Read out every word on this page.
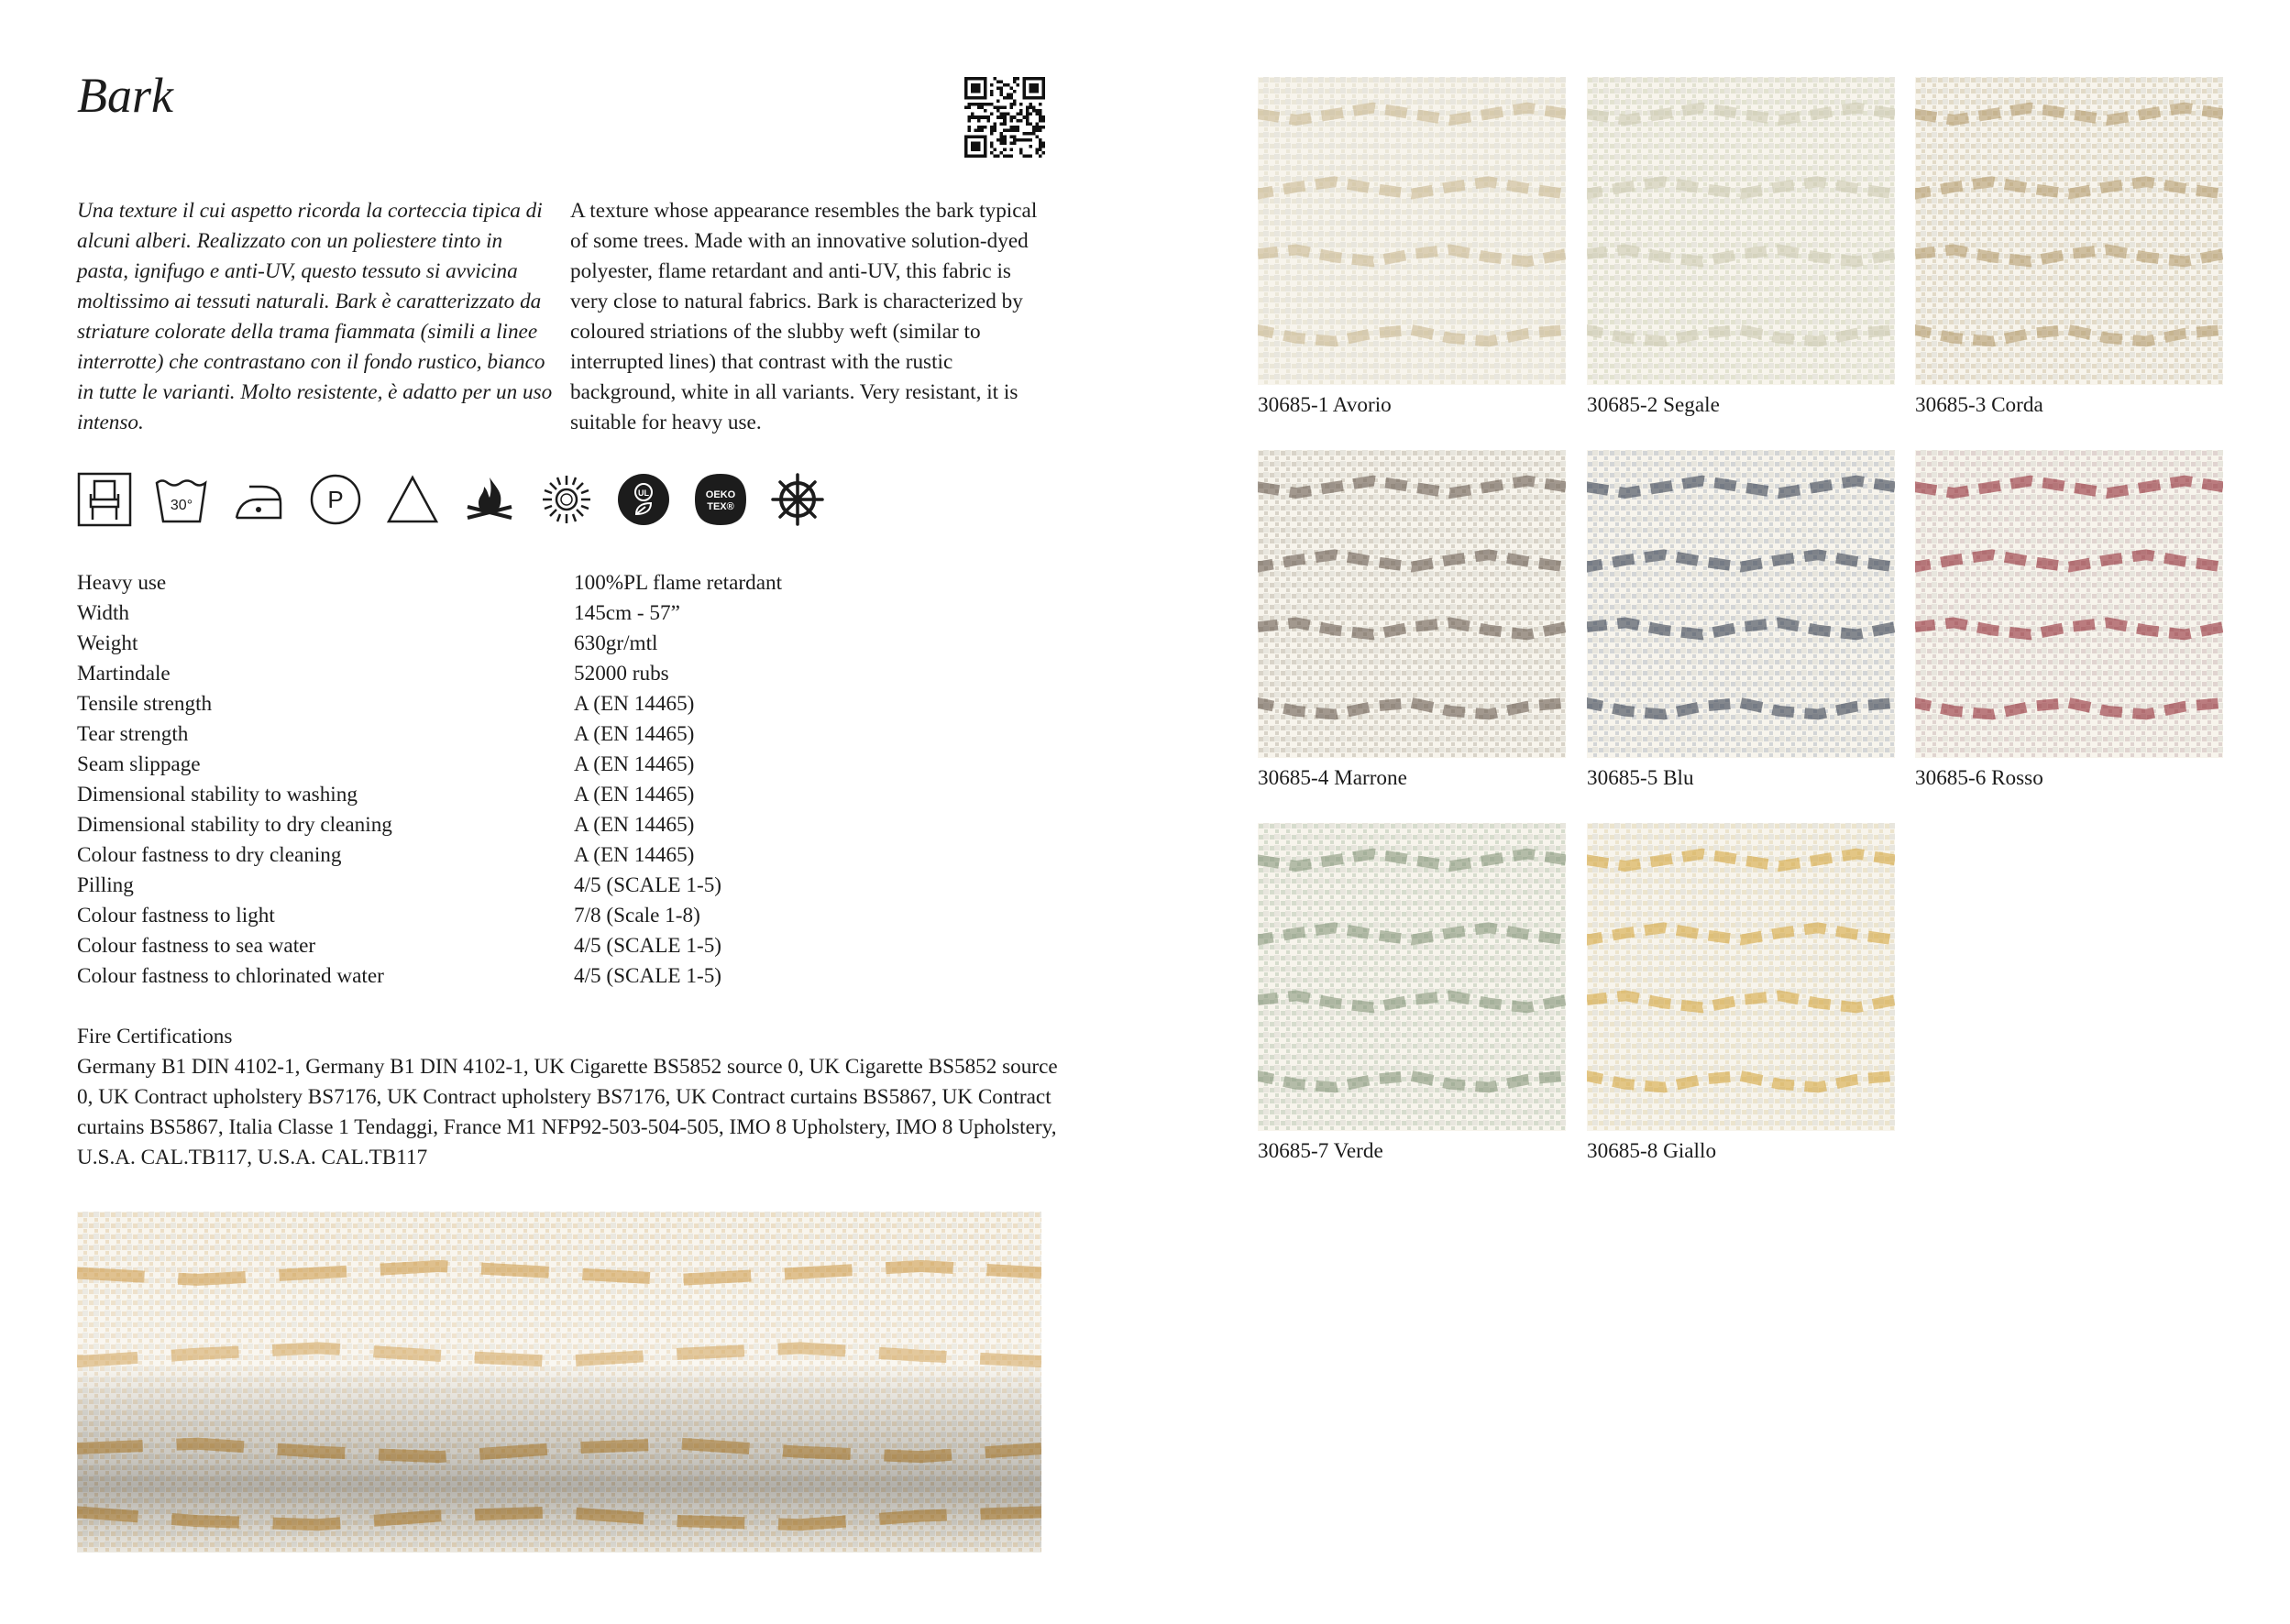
Bark

Una texture il cui aspetto ricorda la corteccia tipica di alcuni alberi. Realizzato con un poliestere tinto in pasta, ignifugo e anti-UV, questo tessuto si avvicina moltissimo ai tessuti naturali. Bark è caratterizzato da striature colorate della trama fiammata (simili a linee interrotte) che contrastano con il fondo rustico, bianco in tutte le varianti. Molto resistente, è adatto per un uso intenso.

A texture whose appearance resembles the bark typical of some trees. Made with an innovative solution-dyed polyester, flame retardant and anti-UV, this fabric is very close to natural fabrics. Bark is characterized by coloured striations of the slubby weft (similar to interrupted lines) that contrast with the rustic background, white in all variants. Very resistant, it is suitable for heavy use.

30°	P	UL	OEKO
TEX®
Heavy use	100%PL flame retardant
Width	145cm - 57”
Weight	630gr/mtl
Martindale	52000 rubs
Tensile strength	A (EN 14465)
Tear strength	A (EN 14465)
Seam slippage	A (EN 14465)
Dimensional stability to washing	A (EN 14465)
Dimensional stability to dry cleaning	A (EN 14465)
Colour fastness to dry cleaning	A (EN 14465)
Pilling	4/5 (SCALE 1-5)
Colour fastness to light	7/8 (Scale 1-8)
Colour fastness to sea water	4/5 (SCALE 1-5)
Colour fastness to chlorinated water	4/5 (SCALE 1-5)

Fire Certifications

Germany B1 DIN 4102-1, Germany B1 DIN 4102-1, UK Cigarette BS5852 source 0, UK Cigarette BS5852 source 0, UK Contract upholstery BS7176, UK Contract upholstery BS7176, UK Contract curtains BS5867, UK Contract curtains BS5867, Italia Classe 1 Tendaggi, France M1 NFP92-503-504-505, IMO 8 Upholstery, IMO 8 Upholstery, U.S.A. CAL.TB117, U.S.A. CAL.TB117

30685-1 Avorio	30685-2 Segale	30685-3 Corda
30685-4 Marrone	30685-5 Blu	30685-6 Rosso
30685-7 Verde	30685-8 Giallo
